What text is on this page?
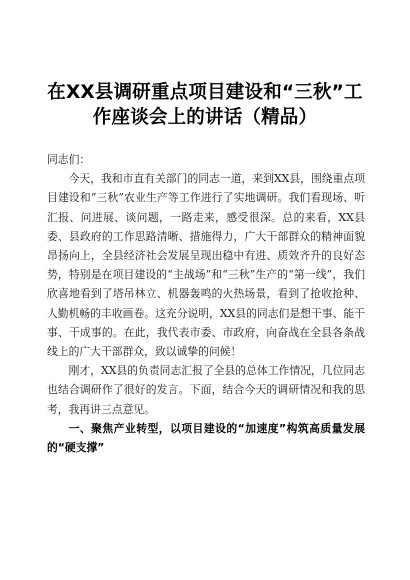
在XX县调研重点项目建设和“三秋”工作座谈会上的讲话（精品）

同志们：

今天，我和市直有关部门的同志一道，来到XX县，围绕重点项目建设和“三秋”农业生产等工作进行了实地调研。我们看现场、听汇报、问进展、谈问题，一路走来，感受很深。总的来看，XX县委、县政府的工作思路清晰、措施得力，广大干部群众的精神面貌昂扬向上，全县经济社会发展呈现出稳中有进、质效齐升的良好态势，特别是在项目建设的“主战场”和“三秋”生产的“第一线”，我们欣喜地看到了塔吊林立、机器轰鸣的火热场景，看到了抢收抢种、人勤机畅的丰收画卷。这充分说明，XX县的同志们是想干事、能干事、干成事的。在此，我代表市委、市政府，向奋战在全县各条战线上的广大干部群众，致以诚挚的问候！

刚才，XX县的负责同志汇报了全县的总体工作情况，几位同志也结合调研作了很好的发言。下面，结合今天的调研情况和我的思考，我再讲三点意见。

一、聚焦产业转型，以项目建设的“加速度”构筑高质量发展的“硬支撑”
